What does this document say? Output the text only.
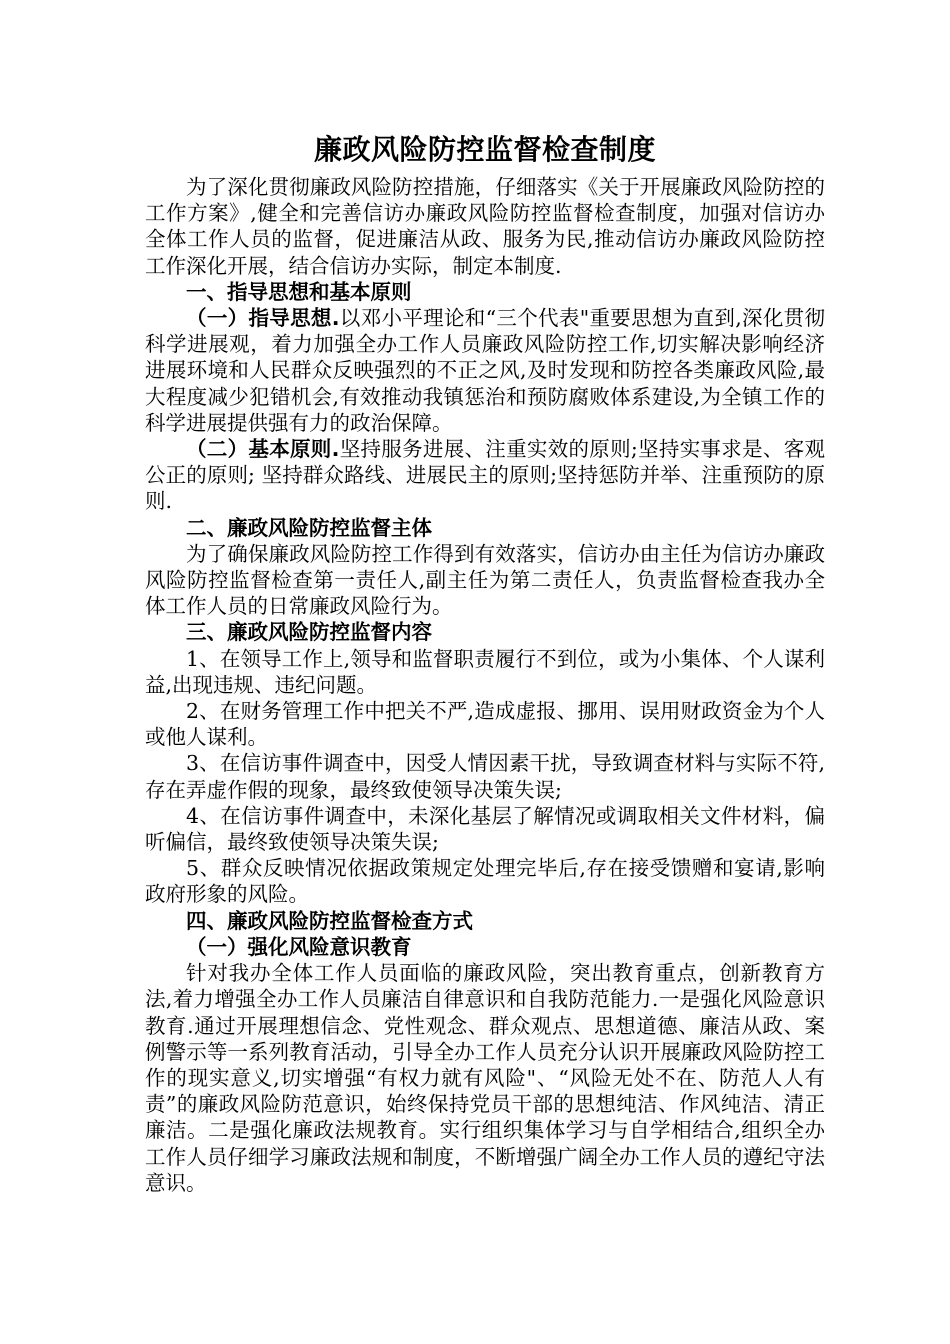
廉政风险防控监督检查制度

为了深化贯彻廉政风险防控措施，仔细落实《关于开展廉政风险防控的工作方案》,健全和完善信访办廉政风险防控监督检查制度，加强对信访办全体工作人员的监督，促进廉洁从政、服务为民,推动信访办廉政风险防控工作深化开展，结合信访办实际，制定本制度.

一、指导思想和基本原则

（一）指导思想.以邓小平理论和“三个代表"重要思想为直到,深化贯彻科学进展观，着力加强全办工作人员廉政风险防控工作,切实解决影响经济进展环境和人民群众反映强烈的不正之风,及时发现和防控各类廉政风险,最大程度减少犯错机会,有效推动我镇惩治和预防腐败体系建设,为全镇工作的科学进展提供强有力的政治保障。

（二）基本原则.坚持服务进展、注重实效的原则;坚持实事求是、客观公正的原则; 坚持群众路线、进展民主的原则;坚持惩防并举、注重预防的原则.

二、廉政风险防控监督主体

为了确保廉政风险防控工作得到有效落实，信访办由主任为信访办廉政风险防控监督检查第一责任人,副主任为第二责任人，负责监督检查我办全体工作人员的日常廉政风险行为。

三、廉政风险防控监督内容

1、在领导工作上,领导和监督职责履行不到位，或为小集体、个人谋利益,出现违规、违纪问题。

2、在财务管理工作中把关不严,造成虚报、挪用、误用财政资金为个人或他人谋利。

3、在信访事件调查中，因受人情因素干扰，导致调查材料与实际不符,存在弄虚作假的现象，最终致使领导决策失误;

4、在信访事件调查中，未深化基层了解情况或调取相关文件材料，偏听偏信，最终致使领导决策失误;

5、群众反映情况依据政策规定处理完毕后,存在接受馈赠和宴请,影响政府形象的风险。

四、廉政风险防控监督检查方式

（一）强化风险意识教育

针对我办全体工作人员面临的廉政风险，突出教育重点，创新教育方法,着力增强全办工作人员廉洁自律意识和自我防范能力.一是强化风险意识教育.通过开展理想信念、党性观念、群众观点、思想道德、廉洁从政、案例警示等一系列教育活动，引导全办工作人员充分认识开展廉政风险防控工作的现实意义,切实增强“有权力就有风险"、“风险无处不在、防范人人有责”的廉政风险防范意识，始终保持党员干部的思想纯洁、作风纯洁、清正廉洁。二是强化廉政法规教育。实行组织集体学习与自学相结合,组织全办工作人员仔细学习廉政法规和制度，不断增强广阔全办工作人员的遵纪守法意识。
